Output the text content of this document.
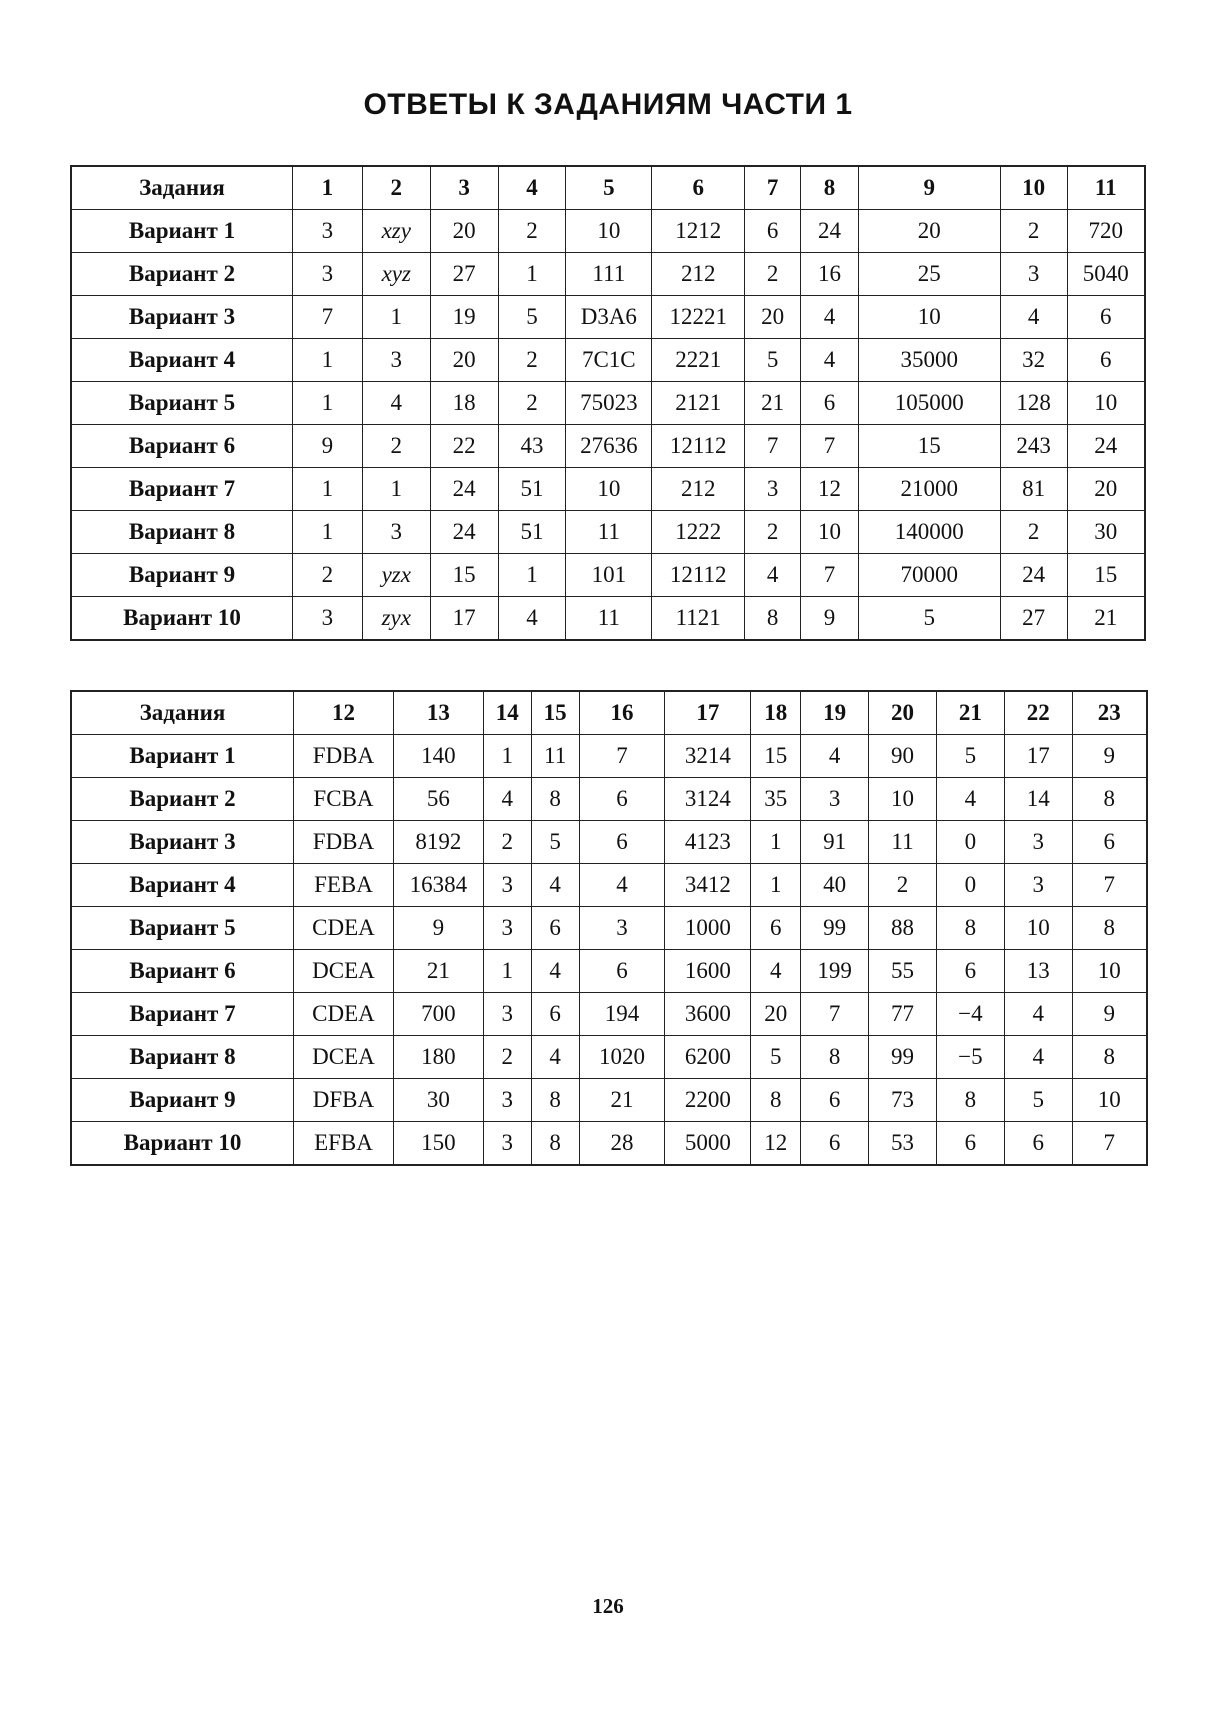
ОТВЕТЫ К ЗАДАНИЯМ ЧАСТИ 1
Задания	1	2	3	4	5	6	7	8	9	10	11
Вариант 1	3	xzy	20	2	10	1212	6	24	20	2	720
Вариант 2	3	xyz	27	1	111	212	2	16	25	3	5040
Вариант 3	7	1	19	5	D3A6	12221	20	4	10	4	6
Вариант 4	1	3	20	2	7C1C	2221	5	4	35000	32	6
Вариант 5	1	4	18	2	75023	2121	21	6	105000	128	10
Вариант 6	9	2	22	43	27636	12112	7	7	15	243	24
Вариант 7	1	1	24	51	10	212	3	12	21000	81	20
Вариант 8	1	3	24	51	11	1222	2	10	140000	2	30
Вариант 9	2	yzx	15	1	101	12112	4	7	70000	24	15
Вариант 10	3	zyx	17	4	11	1121	8	9	5	27	21
Задания	12	13	14	15	16	17	18	19	20	21	22	23
Вариант 1	FDBA	140	1	11	7	3214	15	4	90	5	17	9
Вариант 2	FCBA	56	4	8	6	3124	35	3	10	4	14	8
Вариант 3	FDBA	8192	2	5	6	4123	1	91	11	0	3	6
Вариант 4	FEBA	16384	3	4	4	3412	1	40	2	0	3	7
Вариант 5	CDEA	9	3	6	3	1000	6	99	88	8	10	8
Вариант 6	DCEA	21	1	4	6	1600	4	199	55	6	13	10
Вариант 7	CDEA	700	3	6	194	3600	20	7	77	−4	4	9
Вариант 8	DCEA	180	2	4	1020	6200	5	8	99	−5	4	8
Вариант 9	DFBA	30	3	8	21	2200	8	6	73	8	5	10
Вариант 10	EFBA	150	3	8	28	5000	12	6	53	6	6	7
126
